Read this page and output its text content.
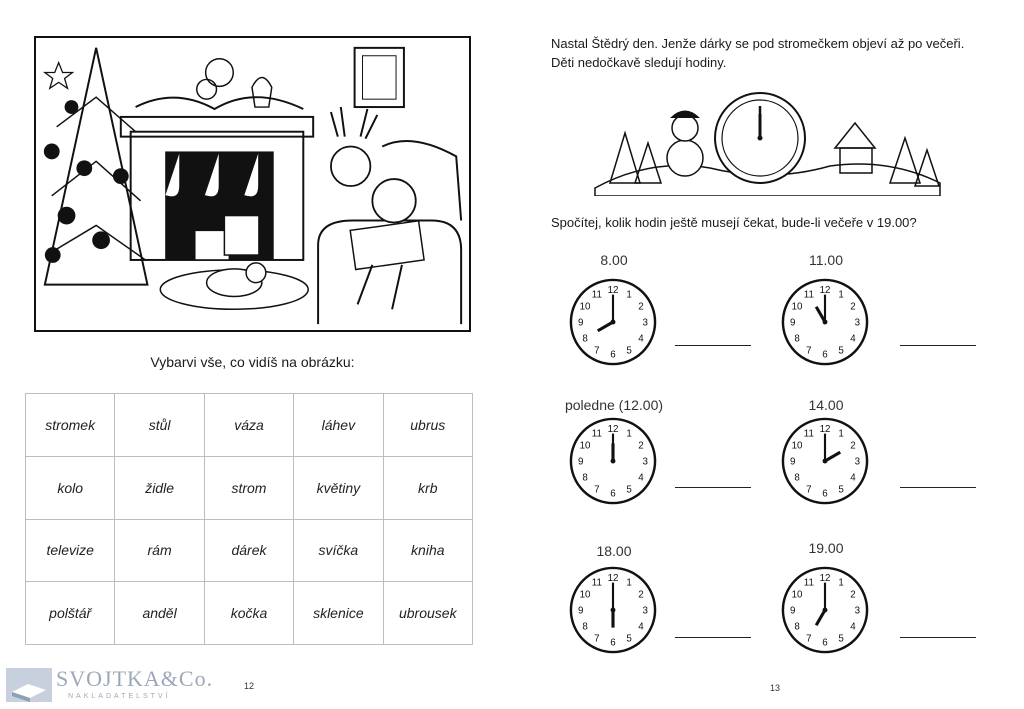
Vybarvi vše, co vidíš na obrázku:
stromek	stůl	váza	láhev	ubrus
kolo	židle	strom	květiny	krb
televize	rám	dárek	svíčka	kniha
polštář	anděl	kočka	sklenice	ubrousek
12
SVOJTKA&Co.
NAKLADATELSTVÍ
Nastal Štědrý den. Jenže dárky se pod stromečkem objeví až po večeři.
Děti nedočkavě sledují hodiny.
Spočítej, kolik hodin ještě musejí čekat, bude-li večeře v 19.00?
8.00
1
2
3
4
5
6
7
8
9
10
11 12
11.00
1
2
3
4
5
6
7
8
9
10
11 12
poledne (12.00)
1
2
3
4
5
6
7
8
9
10
11 12
14.00
1
2
3
4
5
6
7
8
9
10
11 12
18.00
1
2
3
4
5
6
7
8
9
10
11 12
19.00
1
2
3
4
5
6
7
8
9
10
11 12
13
